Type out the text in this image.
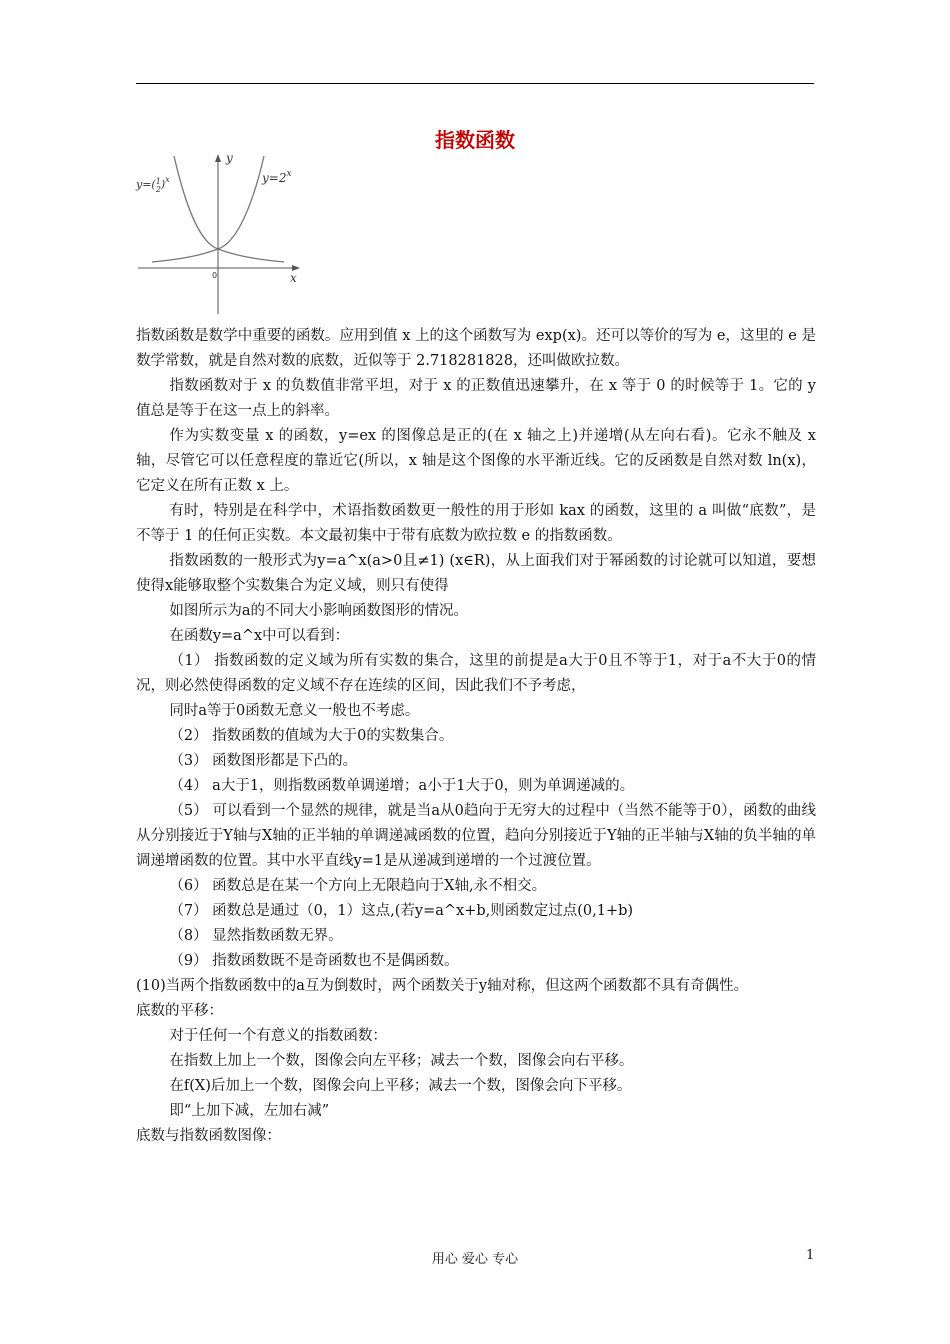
指数函数
y=($^1$ 2)$^x$	$y=2^x$
y
x
0

指数函数是数学中重要的函数。应用到值 x 上的这个函数写为 exp(x)。还可以等价的写为 e，这里的 e 是数学常数，就是自然对数的底数，近似等于 2.718281828，还叫做欧拉数。

指数函数对于 x 的负数值非常平坦，对于 x 的正数值迅速攀升，在 x 等于 0 的时候等于 1。它的 y 值总是等于在这一点上的斜率。

作为实数变量 x 的函数，y=ex 的图像总是正的(在 x 轴之上)并递增(从左向右看)。它永不触及 x 轴，尽管它可以任意程度的靠近它(所以，x 轴是这个图像的水平渐近线。它的反函数是自然对数 ln(x)，它定义在所有正数 x 上。

有时，特别是在科学中，术语指数函数更一般性的用于形如 kax 的函数，这里的 a 叫做“底数”，是不等于 1 的任何正实数。本文最初集中于带有底数为欧拉数 e 的指数函数。

指数函数的一般形式为y=a^x(a>0且≠1) (x∈R)，从上面我们对于幂函数的讨论就可以知道，要想使得x能够取整个实数集合为定义域，则只有使得

如图所示为a的不同大小影响函数图形的情况。

在函数y=a^x中可以看到：

（1） 指数函数的定义域为所有实数的集合，这里的前提是a大于0且不等于1，对于a不大于0的情况，则必然使得函数的定义域不存在连续的区间，因此我们不予考虑，

同时a等于0函数无意义一般也不考虑。

（2） 指数函数的值域为大于0的实数集合。

（3） 函数图形都是下凸的。

（4） a大于1，则指数函数单调递增；a小于1大于0，则为单调递减的。

（5） 可以看到一个显然的规律，就是当a从0趋向于无穷大的过程中（当然不能等于0），函数的曲线从分别接近于Y轴与X轴的正半轴的单调递减函数的位置，趋向分别接近于Y轴的正半轴与X轴的负半轴的单调递增函数的位置。其中水平直线y=1是从递减到递增的一个过渡位置。

（6） 函数总是在某一个方向上无限趋向于X轴,永不相交。

（7） 函数总是通过（0，1）这点,(若y=a^x+b,则函数定过点(0,1+b)

（8） 显然指数函数无界。

（9） 指数函数既不是奇函数也不是偶函数。

(10)当两个指数函数中的a互为倒数时，两个函数关于y轴对称，但这两个函数都不具有奇偶性。

底数的平移：

对于任何一个有意义的指数函数：

在指数上加上一个数，图像会向左平移；减去一个数，图像会向右平移。

在f(X)后加上一个数，图像会向上平移；减去一个数，图像会向下平移。

即“上加下减，左加右减”

底数与指数函数图像：

用心 爱心 专心	1
